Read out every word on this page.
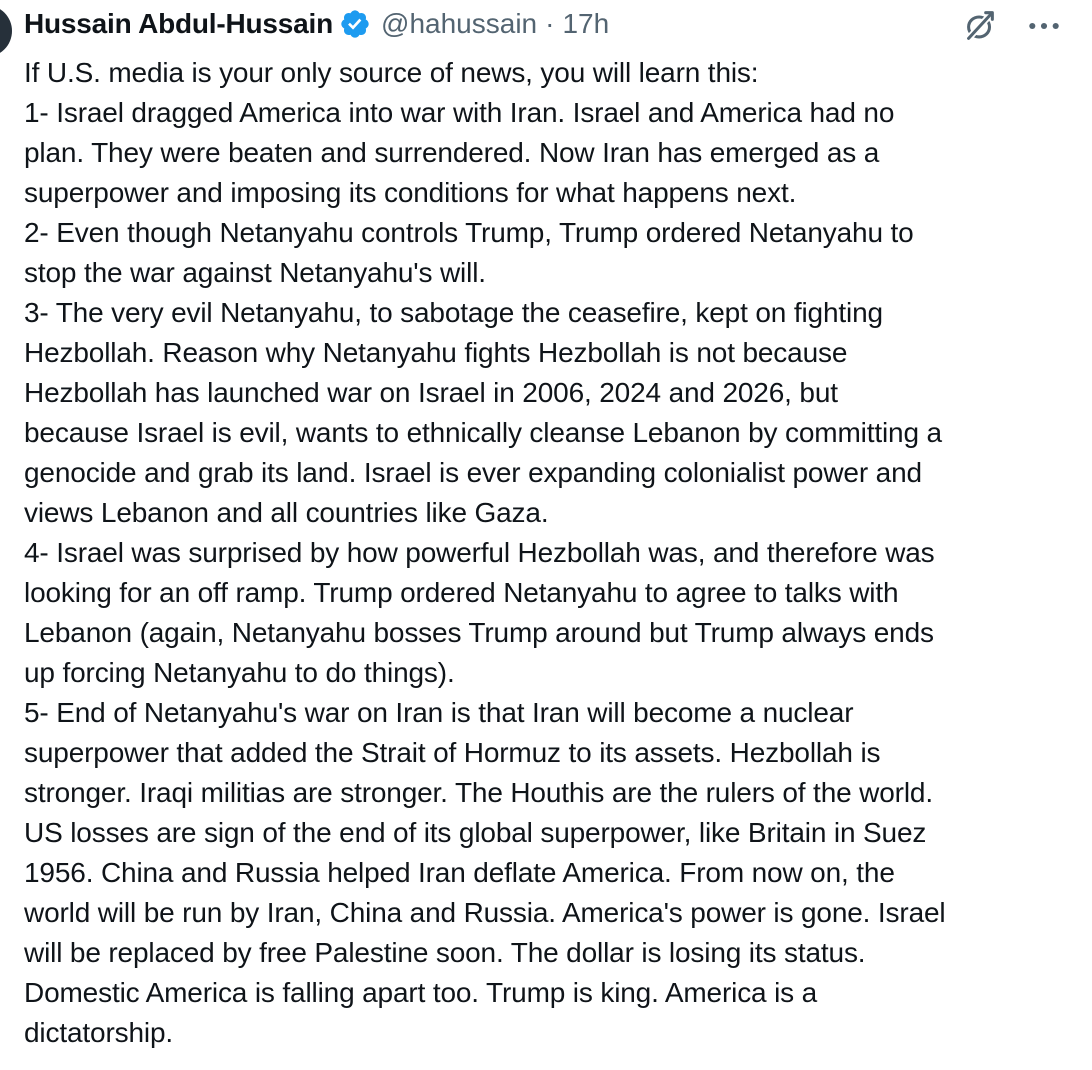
Hussain Abdul-Hussain @hahussain · 17h

If U.S. media is your only source of news, you will learn this:

1- Israel dragged America into war with Iran. Israel and America had no

plan. They were beaten and surrendered. Now Iran has emerged as a

superpower and imposing its conditions for what happens next.

2- Even though Netanyahu controls Trump, Trump ordered Netanyahu to

stop the war against Netanyahu's will.

3- The very evil Netanyahu, to sabotage the ceasefire, kept on fighting

Hezbollah. Reason why Netanyahu fights Hezbollah is not because

Hezbollah has launched war on Israel in 2006, 2024 and 2026, but

because Israel is evil, wants to ethnically cleanse Lebanon by committing a

genocide and grab its land. Israel is ever expanding colonialist power and

views Lebanon and all countries like Gaza.

4- Israel was surprised by how powerful Hezbollah was, and therefore was

looking for an off ramp. Trump ordered Netanyahu to agree to talks with

Lebanon (again, Netanyahu bosses Trump around but Trump always ends

up forcing Netanyahu to do things).

5- End of Netanyahu's war on Iran is that Iran will become a nuclear

superpower that added the Strait of Hormuz to its assets. Hezbollah is

stronger. Iraqi militias are stronger. The Houthis are the rulers of the world.

US losses are sign of the end of its global superpower, like Britain in Suez

1956. China and Russia helped Iran deflate America. From now on, the

world will be run by Iran, China and Russia. America's power is gone. Israel

will be replaced by free Palestine soon. The dollar is losing its status.

Domestic America is falling apart too. Trump is king. America is a

dictatorship.
